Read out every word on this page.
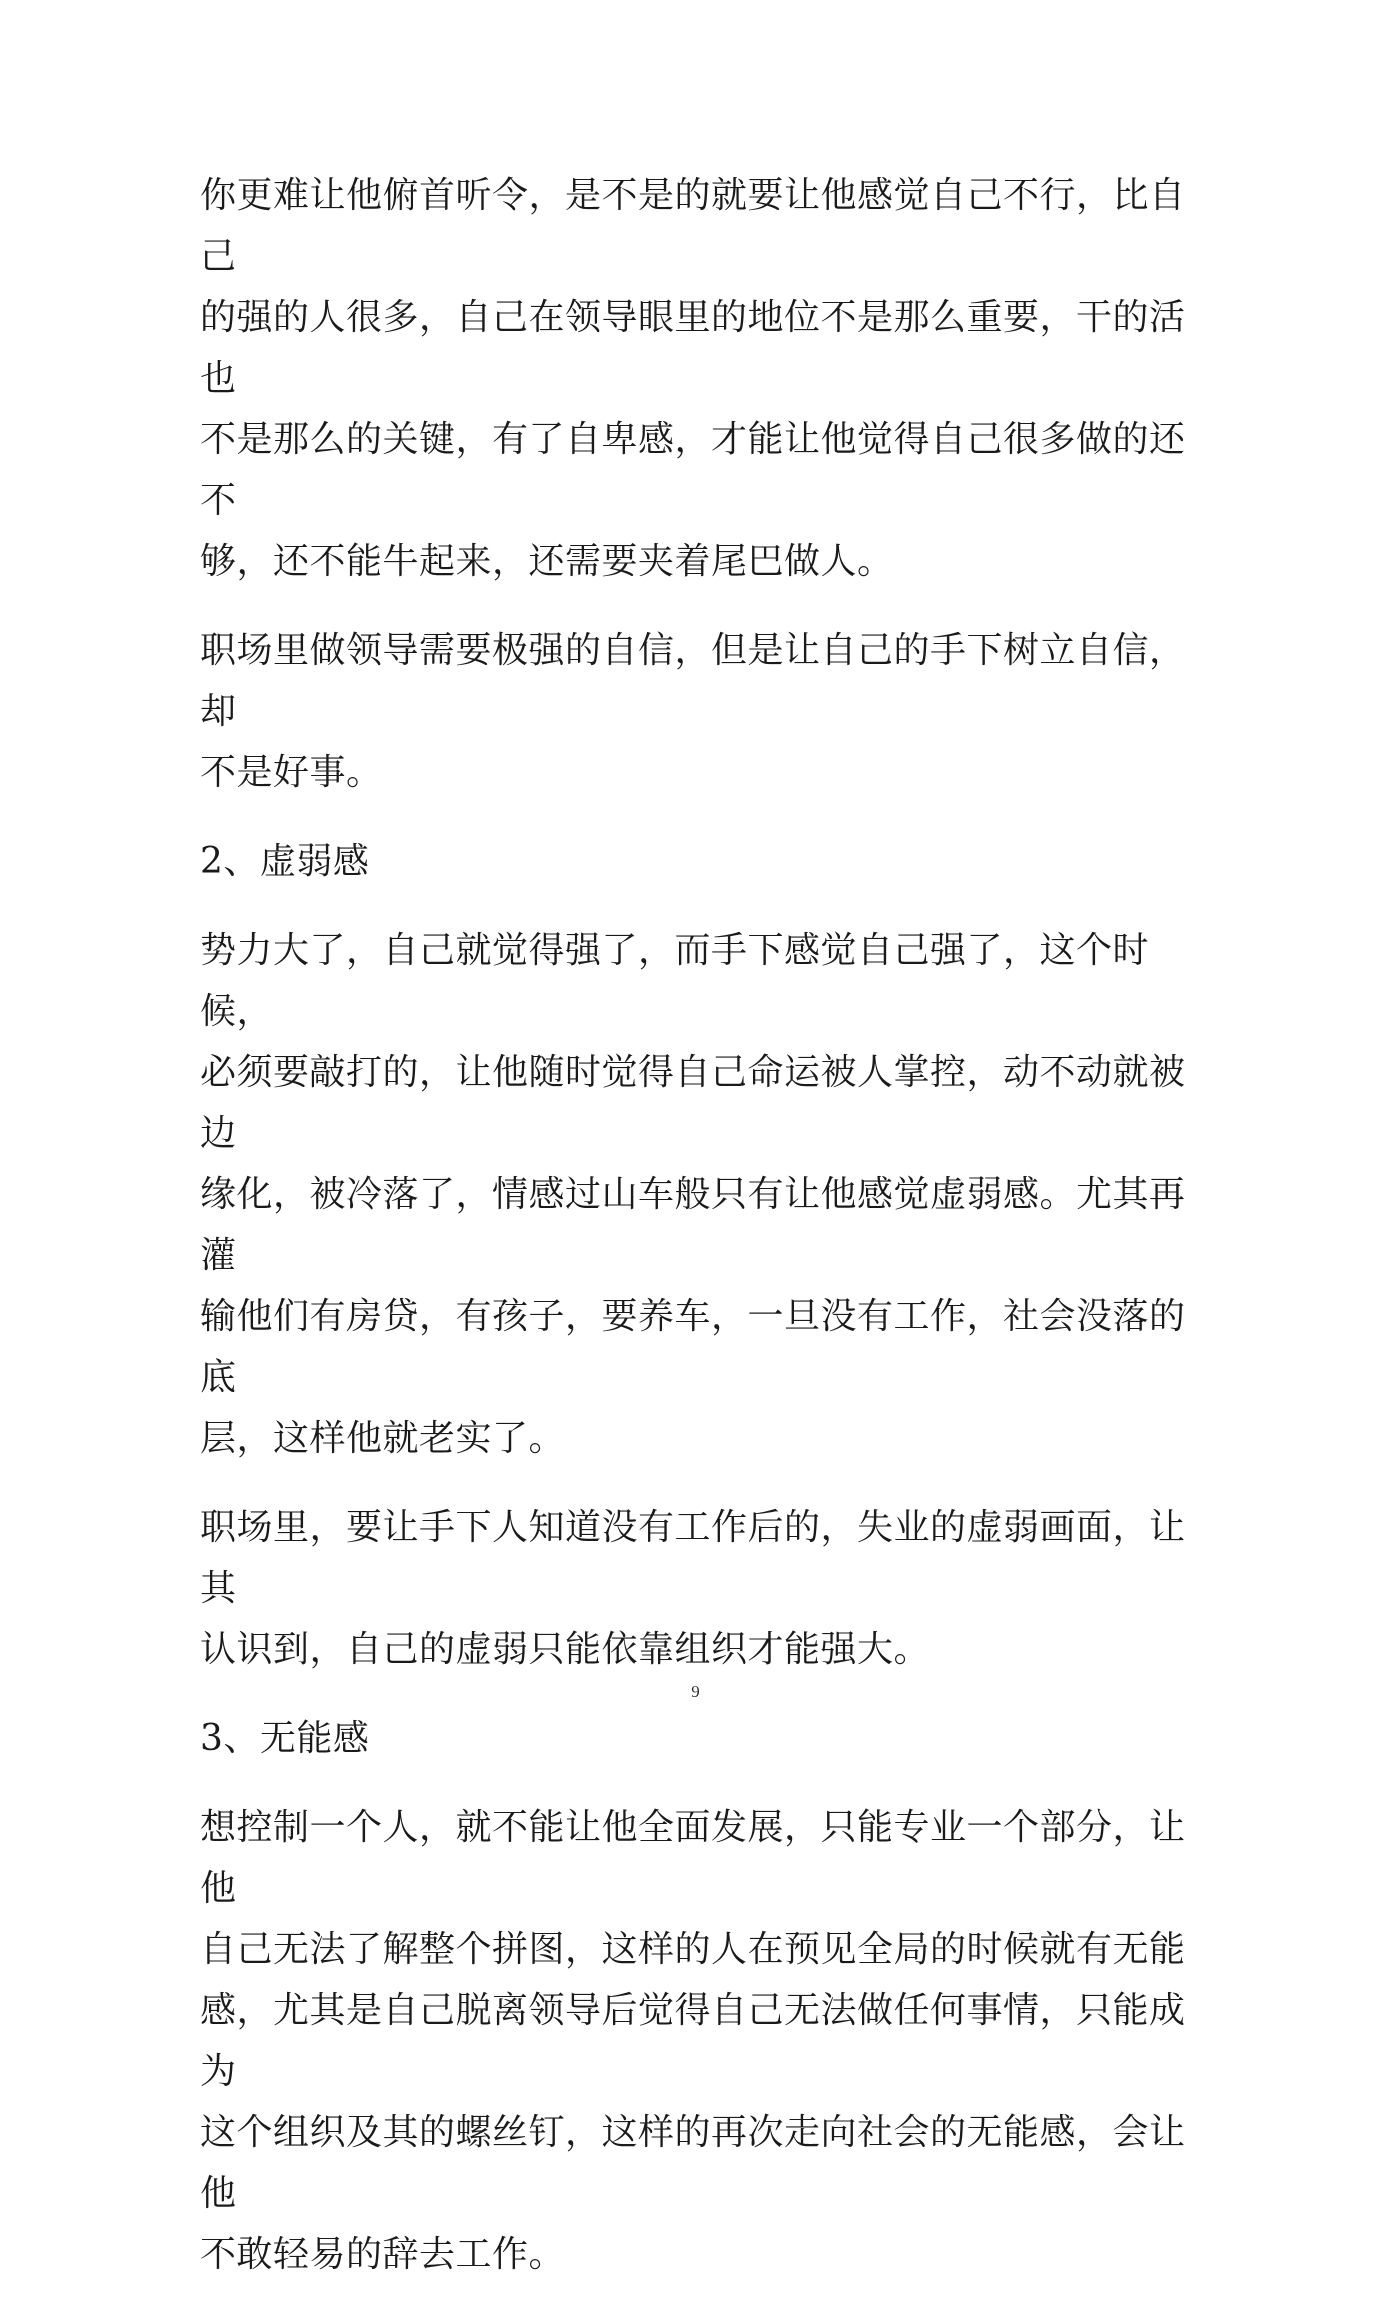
你更难让他俯首听令，是不是的就要让他感觉自己不行，比自己
的强的人很多，自己在领导眼里的地位不是那么重要，干的活也
不是那么的关键，有了自卑感，才能让他觉得自己很多做的还不
够，还不能牛起来，还需要夹着尾巴做人。

职场里做领导需要极强的自信，但是让自己的手下树立自信，却
不是好事。

2、虚弱感

势力大了，自己就觉得强了，而手下感觉自己强了，这个时候，
必须要敲打的，让他随时觉得自己命运被人掌控，动不动就被边
缘化，被冷落了，情感过山车般只有让他感觉虚弱感。尤其再灌
输他们有房贷，有孩子，要养车，一旦没有工作，社会没落的底
层，这样他就老实了。

职场里，要让手下人知道没有工作后的，失业的虚弱画面，让其
认识到，自己的虚弱只能依靠组织才能强大。

3、无能感

想控制一个人，就不能让他全面发展，只能专业一个部分，让他
自己无法了解整个拼图，这样的人在预见全局的时候就有无能
感，尤其是自己脱离领导后觉得自己无法做任何事情，只能成为
这个组织及其的螺丝钉，这样的再次走向社会的无能感，会让他
不敢轻易的辞去工作。

9
